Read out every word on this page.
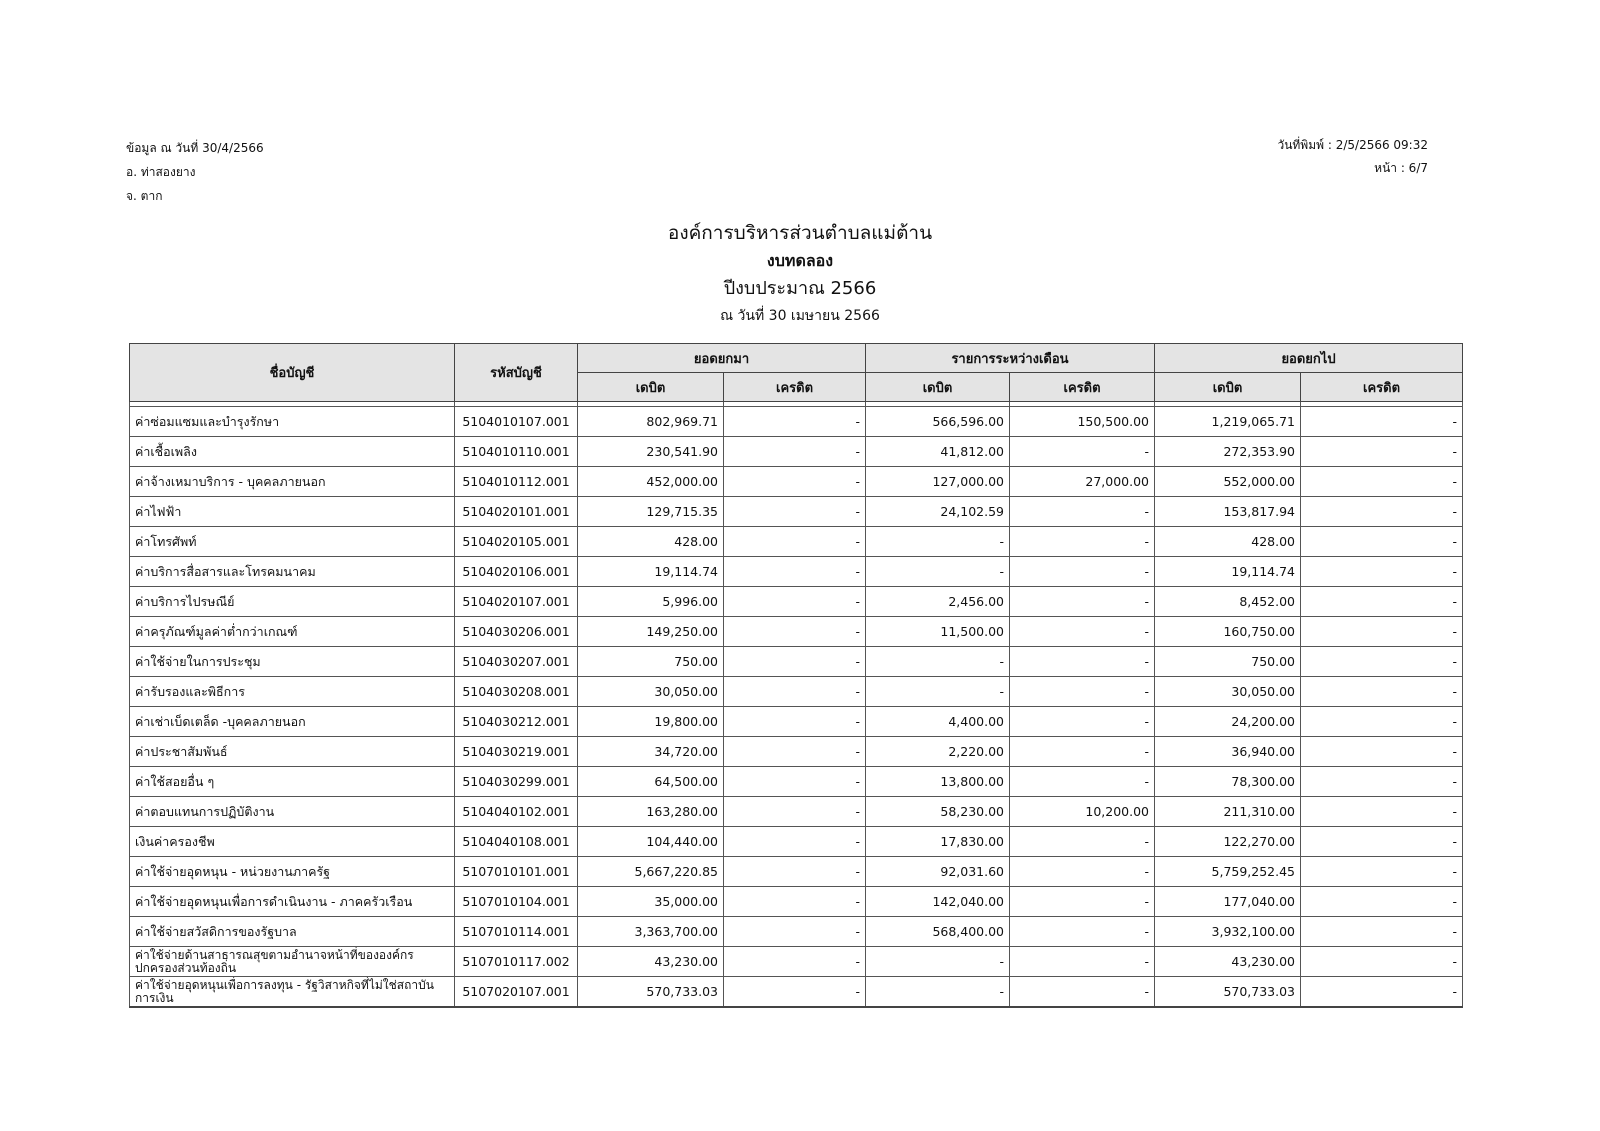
ข้อมูล ณ วันที่ 30/4/2566
อ. ท่าสองยาง
จ. ตาก
วันที่พิมพ์ : 2/5/2566 09:32
หน้า : 6/7
องค์การบริหารส่วนตำบลแม่ต้าน
งบทดลอง
ปีงบประมาณ 2566
ณ วันที่ 30 เมษายน 2566
ชื่อบัญชี	รหัสบัญชี	ยอดยกมา		รายการระหว่างเดือน		ยอดยกไป	
		เดบิต	เครดิต	เดบิต	เครดิต	เดบิต	เครดิต

ค่าซ่อมแซมและบำรุงรักษา	5104010107.001	802,969.71	-	566,596.00	150,500.00	1,219,065.71	-
ค่าเชื้อเพลิง	5104010110.001	230,541.90	-	41,812.00	-	272,353.90	-
ค่าจ้างเหมาบริการ - บุคคลภายนอก	5104010112.001	452,000.00	-	127,000.00	27,000.00	552,000.00	-
ค่าไฟฟ้า	5104020101.001	129,715.35	-	24,102.59	-	153,817.94	-
ค่าโทรศัพท์	5104020105.001	428.00	-	-	-	428.00	-
ค่าบริการสื่อสารและโทรคมนาคม	5104020106.001	19,114.74	-	-	-	19,114.74	-
ค่าบริการไปรษณีย์	5104020107.001	5,996.00	-	2,456.00	-	8,452.00	-
ค่าครุภัณฑ์มูลค่าต่ำกว่าเกณฑ์	5104030206.001	149,250.00	-	11,500.00	-	160,750.00	-
ค่าใช้จ่ายในการประชุม	5104030207.001	750.00	-	-	-	750.00	-
ค่ารับรองและพิธีการ	5104030208.001	30,050.00	-	-	-	30,050.00	-
ค่าเช่าเบ็ดเตล็ด -บุคคลภายนอก	5104030212.001	19,800.00	-	4,400.00	-	24,200.00	-
ค่าประชาสัมพันธ์	5104030219.001	34,720.00	-	2,220.00	-	36,940.00	-
ค่าใช้สอยอื่น ๆ	5104030299.001	64,500.00	-	13,800.00	-	78,300.00	-
ค่าตอบแทนการปฏิบัติงาน	5104040102.001	163,280.00	-	58,230.00	10,200.00	211,310.00	-
เงินค่าครองชีพ	5104040108.001	104,440.00	-	17,830.00	-	122,270.00	-
ค่าใช้จ่ายอุดหนุน - หน่วยงานภาครัฐ	5107010101.001	5,667,220.85	-	92,031.60	-	5,759,252.45	-
ค่าใช้จ่ายอุดหนุนเพื่อการดำเนินงาน - ภาคครัวเรือน	5107010104.001	35,000.00	-	142,040.00	-	177,040.00	-
ค่าใช้จ่ายสวัสดิการของรัฐบาล	5107010114.001	3,363,700.00	-	568,400.00	-	3,932,100.00	-
ค่าใช้จ่ายด้านสาธารณสุขตามอำนาจหน้าที่ขององค์กรปกครองส่วนท้องถิ่น	5107010117.002	43,230.00	-	-	-	43,230.00	-
ค่าใช้จ่ายอุดหนุนเพื่อการลงทุน - รัฐวิสาหกิจที่ไม่ใช่สถาบันการเงิน	5107020107.001	570,733.03	-	-	-	570,733.03	-
